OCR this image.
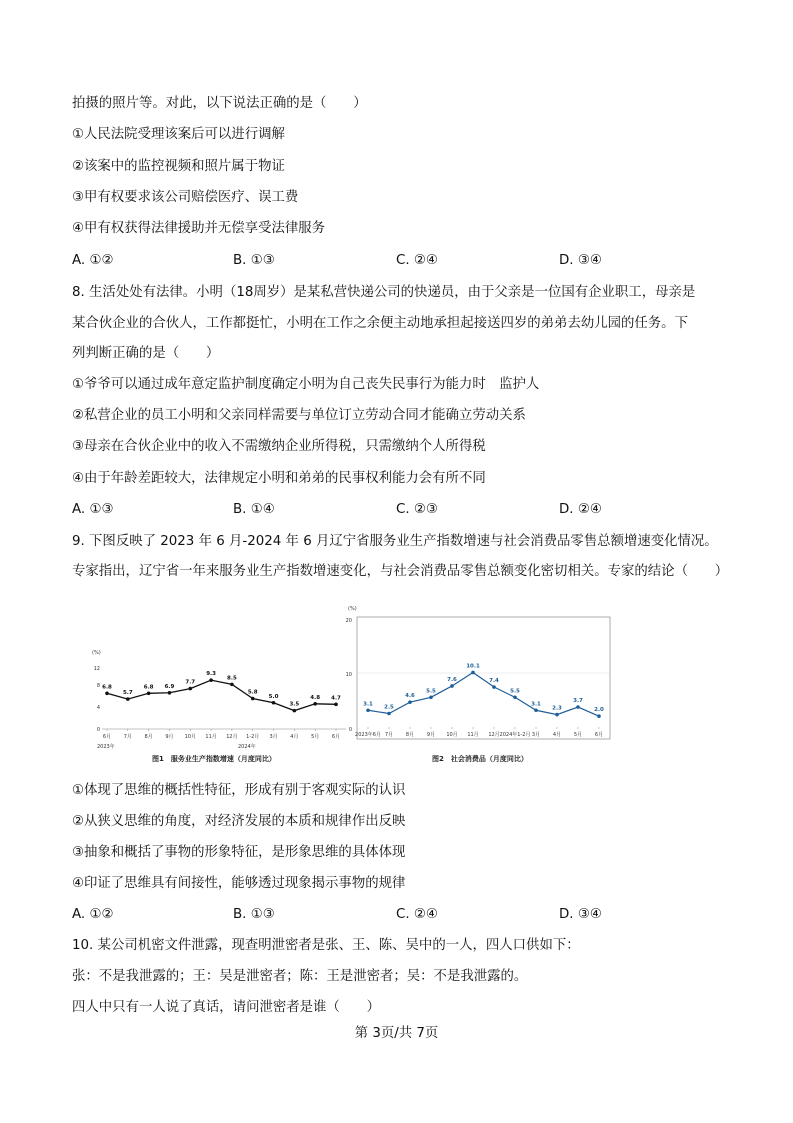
拍摄的照片等。对此，以下说法正确的是（　　）
①人民法院受理该案后可以进行调解
②该案中的监控视频和照片属于物证
③甲有权要求该公司赔偿医疗、误工费
④甲有权获得法律援助并无偿享受法律服务
A. ①②	B. ①③	C. ②④	D. ③④
8. 生活处处有法律。小明（18周岁）是某私营快递公司的快递员，由于父亲是一位国有企业职工，母亲是
某合伙企业的合伙人，工作都挺忙，小明在工作之余便主动地承担起接送四岁的弟弟去幼儿园的任务。下
列判断正确的是（　　）
①爷爷可以通过成年意定监护制度确定小明为自己丧失民事行为能力时　监护人
②私营企业的员工小明和父亲同样需要与单位订立劳动合同才能确立劳动关系
③母亲在合伙企业中的收入不需缴纳企业所得税，只需缴纳个人所得税
④由于年龄差距较大，法律规定小明和弟弟的民事权利能力会有所不同
A. ①③	B. ①④	C. ②③	D. ②④
9. 下图反映了 2023 年 6 月-2024 年 6 月辽宁省服务业生产指数增速与社会消费品零售总额增速变化情况。
专家指出，辽宁省一年来服务业生产指数增速变化，与社会消费品零售总额变化密切相关。专家的结论（　　）
(%)
12
8
4
0
6.8
6月
5.7
7月
6.8
8月
6.9
9月
7.7
10月
9.3
11月
8.5
12月
5.8
1-2月
5.0
3月
3.5
4月
4.8
5月
4.7
6月
2023年	2024年
图1　服务业生产指数增速（月度同比）
(%)
20
10
0
3.1
2023年6月
2.5
7月
4.6
8月
5.5
9月
7.6
10月
10.1
11月
7.4
12月
5.5
2024年1-2月
3.1
3月
2.3
4月
3.7
5月
2.0
6月
图2　社会消费品（月度同比）
①体现了思维的概括性特征，形成有别于客观实际的认识
②从狭义思维的角度，对经济发展的本质和规律作出反映
③抽象和概括了事物的形象特征，是形象思维的具体体现
④印证了思维具有间接性，能够透过现象揭示事物的规律
A. ①②	B. ①③	C. ②④	D. ③④
10. 某公司机密文件泄露，现查明泄密者是张、王、陈、吴中的一人，四人口供如下：
张：不是我泄露的；王：吴是泄密者；陈：王是泄密者；吴：不是我泄露的。
四人中只有一人说了真话，请问泄密者是谁（　　）
第 3页/共 7页
